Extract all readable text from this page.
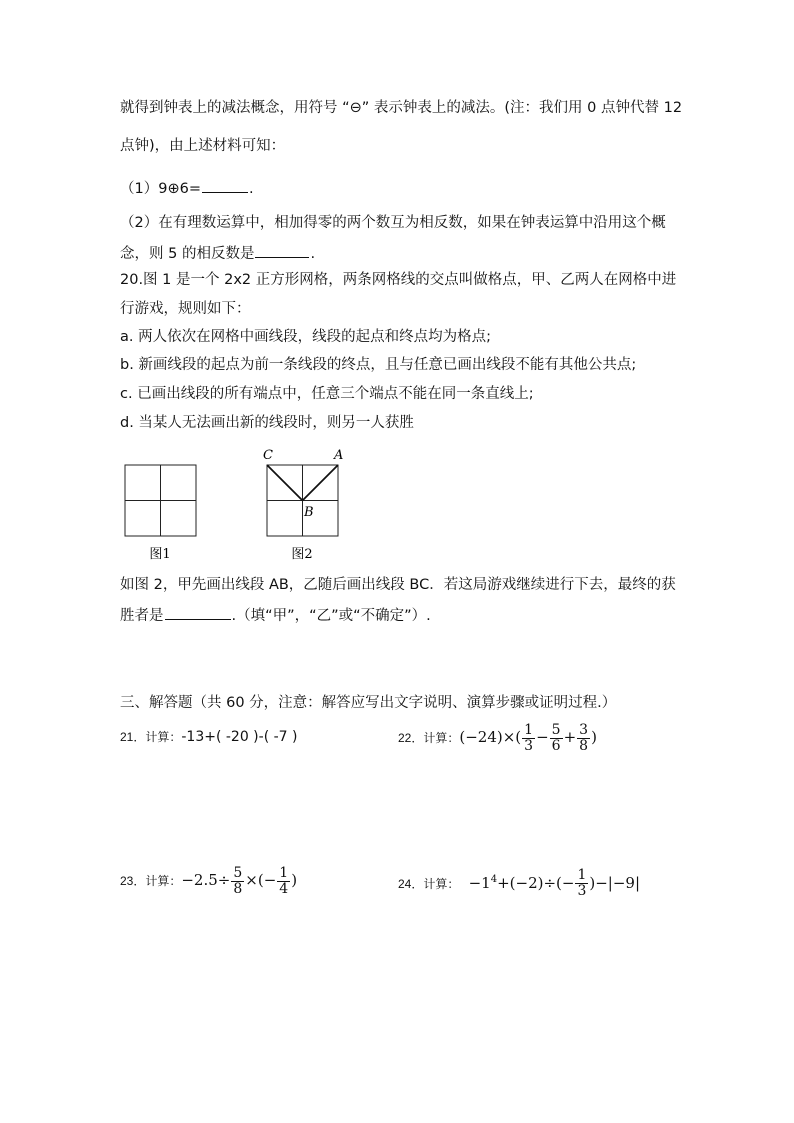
就得到钟表上的减法概念，用符号 “⊖” 表示钟表上的减法。(注：我们用 0 点钟代替 12
点钟)，由上述材料可知：
（1）9⊕6=	.
（2）在有理数运算中，相加得零的两个数互为相反数，如果在钟表运算中沿用这个概
念，则 5 的相反数是	.
20.图 1 是一个 2x2 正方形网格，两条网格线的交点叫做格点，甲、乙两人在网格中进
行游戏，规则如下：
a. 两人依次在网格中画线段，线段的起点和终点均为格点;
b. 新画线段的起点为前一条线段的终点，且与任意已画出线段不能有其他公共点;
c. 已画出线段的所有端点中，任意三个端点不能在同一条直线上;
d. 当某人无法画出新的线段时，则另一人获胜
图1
C	A
B
图2
如图 2，甲先画出线段 AB，乙随后画出线段 BC．若这局游戏继续进行下去，最终的获
胜者是	.（填“甲”，“乙”或“不确定”）.
三、解答题（共 60 分，注意：解答应写出文字说明、演算步骤或证明过程.）
21．计算：-13+( -20 )-( -7 )	22．计算：$(-24)\times( \frac{1}{3} - \frac{5}{6} + \frac{3}{8}$ )
23．计算：$-2.5\div \frac{5}{8}$ ×(− $\frac{1}{4}$ )	24．计算： $-1^4+(-2)\div(- \frac{1}{3} )-|-9|$
